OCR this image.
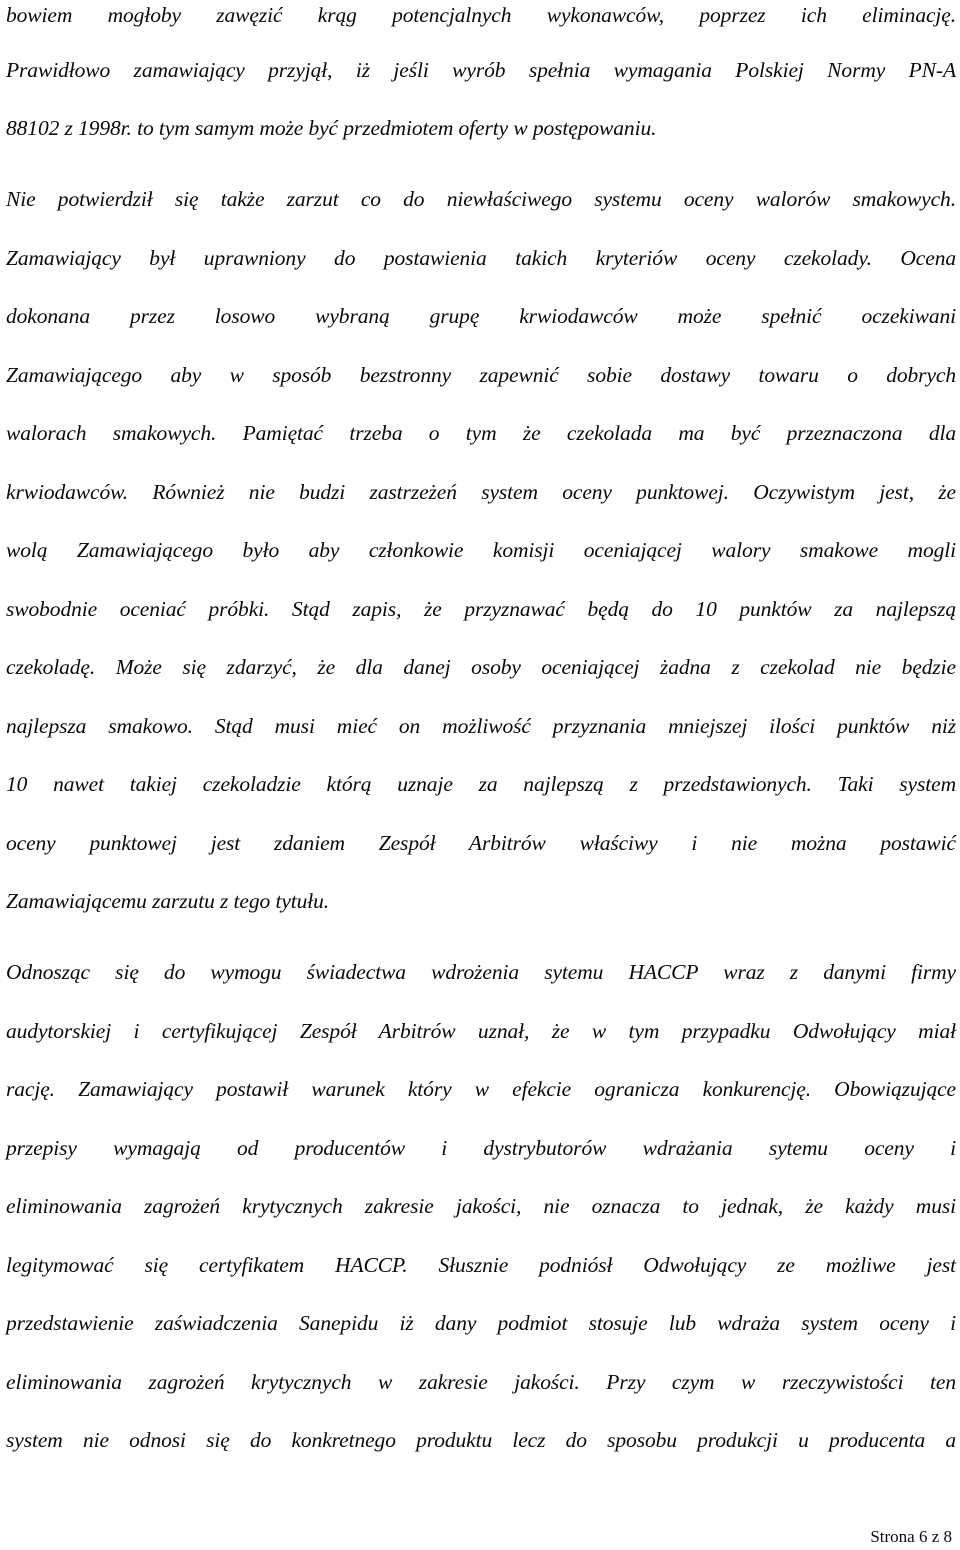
bowiem mogłoby zawęzić krąg potencjalnych wykonawców, poprzez ich eliminację.
Prawidłowo zamawiający przyjął, iż jeśli wyrób spełnia wymagania Polskiej Normy PN-A
88102 z 1998r. to tym samym może być przedmiotem oferty w postępowaniu.
Nie potwierdził się także zarzut co do niewłaściwego systemu oceny walorów smakowych.
Zamawiający był uprawniony do postawienia takich kryteriów oceny czekolady. Ocena
dokonana przez losowo wybraną grupę krwiodawców może spełnić oczekiwani
Zamawiającego aby w sposób bezstronny zapewnić sobie dostawy towaru o dobrych
walorach smakowych. Pamiętać trzeba o tym że czekolada ma być przeznaczona dla
krwiodawców. Również nie budzi zastrzeżeń system oceny punktowej. Oczywistym jest, że
wolą Zamawiającego było aby członkowie komisji oceniającej walory smakowe mogli
swobodnie oceniać próbki. Stąd zapis, że przyznawać będą do 10 punktów za najlepszą
czekoladę. Może się zdarzyć, że dla danej osoby oceniającej żadna z czekolad nie będzie
najlepsza smakowo. Stąd musi mieć on możliwość przyznania mniejszej ilości punktów niż
10 nawet takiej czekoladzie którą uznaje za najlepszą z przedstawionych. Taki system
oceny punktowej jest zdaniem Zespół Arbitrów właściwy i nie można postawić
Zamawiającemu zarzutu z tego tytułu.
Odnosząc się do wymogu świadectwa wdrożenia sytemu HACCP wraz z danymi firmy
audytorskiej i certyfikującej Zespół Arbitrów uznał, że w tym przypadku Odwołujący miał
rację. Zamawiający postawił warunek który w efekcie ogranicza konkurencję. Obowiązujące
przepisy wymagają od producentów i dystrybutorów wdrażania sytemu oceny i
eliminowania zagrożeń krytycznych zakresie jakości, nie oznacza to jednak, że każdy musi
legitymować się certyfikatem HACCP. Słusznie podniósł Odwołujący ze możliwe jest
przedstawienie zaświadczenia Sanepidu iż dany podmiot stosuje lub wdraża system oceny i
eliminowania zagrożeń krytycznych w zakresie jakości. Przy czym w rzeczywistości ten
system nie odnosi się do konkretnego produktu lecz do sposobu produkcji u producenta a
Strona 6 z 8
